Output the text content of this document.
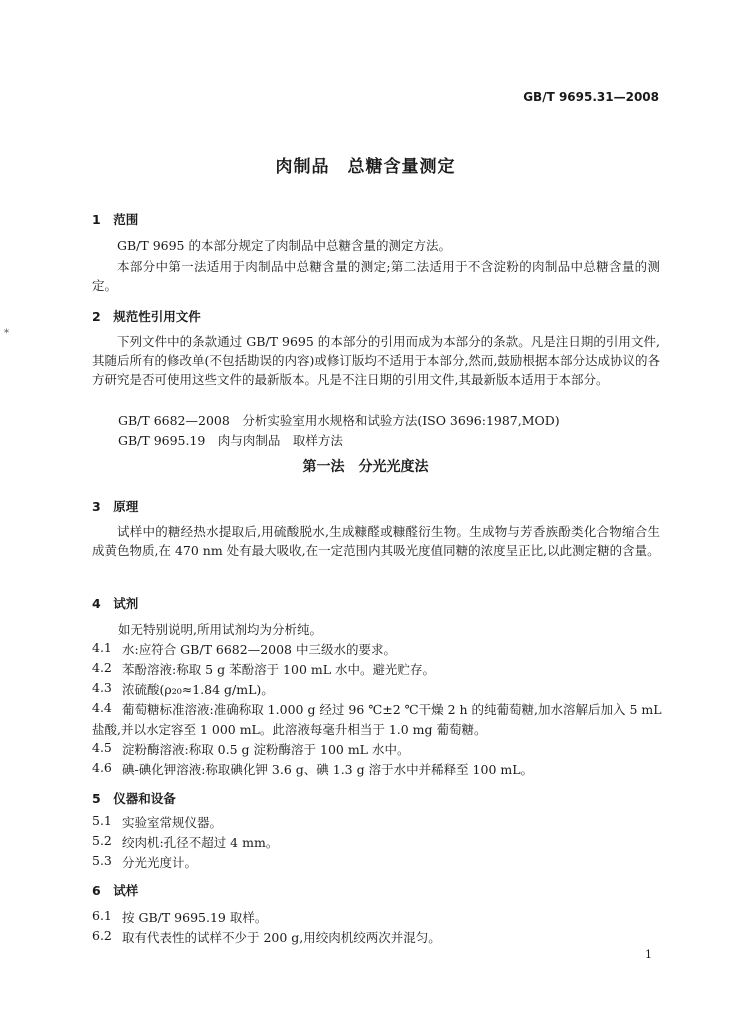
*
GB/T 9695.31—2008
肉制品　总糖含量测定
1　范围
GB/T 9695 的本部分规定了肉制品中总糖含量的测定方法。
本部分中第一法适用于肉制品中总糖含量的测定;第二法适用于不含淀粉的肉制品中总糖含量的测定。
2　规范性引用文件
下列文件中的条款通过 GB/T 9695 的本部分的引用而成为本部分的条款。凡是注日期的引用文件,其随后所有的修改单(不包括勘误的内容)或修订版均不适用于本部分,然而,鼓励根据本部分达成协议的各方研究是否可使用这些文件的最新版本。凡是不注日期的引用文件,其最新版本适用于本部分。
GB/T 6682—2008　分析实验室用水规格和试验方法(ISO 3696:1987,MOD)
GB/T 9695.19　肉与肉制品　取样方法
第一法　分光光度法
3　原理
试样中的糖经热水提取后,用硫酸脱水,生成糠醛或糠醛衍生物。生成物与芳香族酚类化合物缩合生成黄色物质,在 470 nm 处有最大吸收,在一定范围内其吸光度值同糖的浓度呈正比,以此测定糖的含量。
4　试剂
如无特别说明,所用试剂均为分析纯。
4.1 水:应符合 GB/T 6682—2008 中三级水的要求。
4.2 苯酚溶液:称取 5 g 苯酚溶于 100 mL 水中。避光贮存。
4.3 浓硫酸(ρ₂₀≈1.84 g/mL)。
4.4 葡萄糖标准溶液:准确称取 1.000 g 经过 96 ℃±2 ℃干燥 2 h 的纯葡萄糖,加水溶解后加入 5 mL
盐酸,并以水定容至 1 000 mL。此溶液每毫升相当于 1.0 mg 葡萄糖。
4.5 淀粉酶溶液:称取 0.5 g 淀粉酶溶于 100 mL 水中。
4.6 碘-碘化钾溶液:称取碘化钾 3.6 g、碘 1.3 g 溶于水中并稀释至 100 mL。
5　仪器和设备
5.1 实验室常规仪器。
5.2 绞肉机:孔径不超过 4 mm。
5.3 分光光度计。
6　试样
6.1 按 GB/T 9695.19 取样。
6.2 取有代表性的试样不少于 200 g,用绞肉机绞两次并混匀。
1
